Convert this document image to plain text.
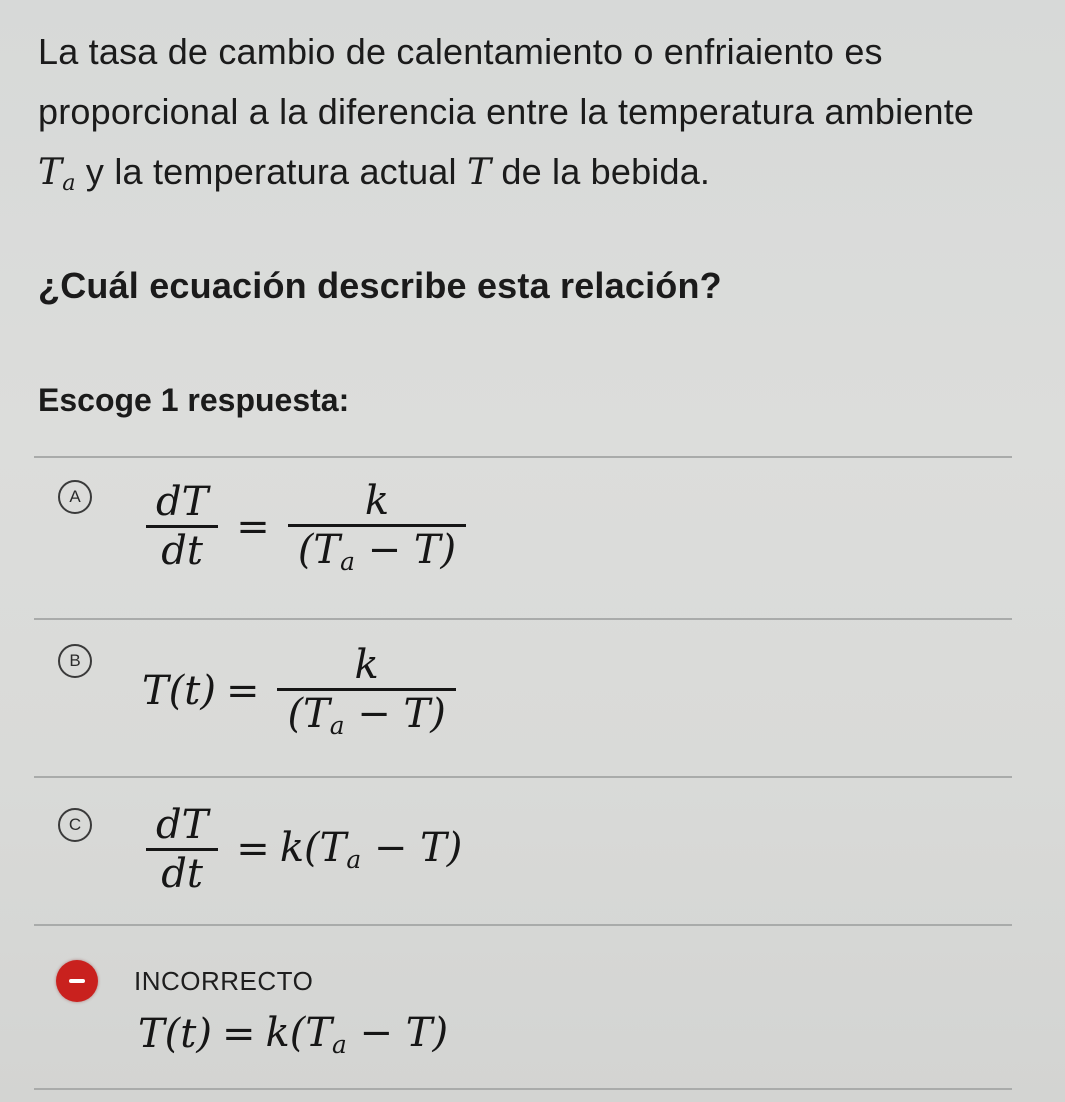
La tasa de cambio de calentamiento o enfriaiento es
proporcional a la diferencia entre la temperatura ambiente
$T_a$ y la temperatura actual T de la bebida.
¿Cuál ecuación describe esta relación?
Escoge 1 respuesta:
A $\frac{dT}{dt} = \frac{k}{(T_a - T)}$
B
$T(t) = \frac{k}{(T_a - T)}$
C $\frac{dT}{dt} = k(T_a - T)$
INCORRECTO
$T(t) = k(T_a - T)$
